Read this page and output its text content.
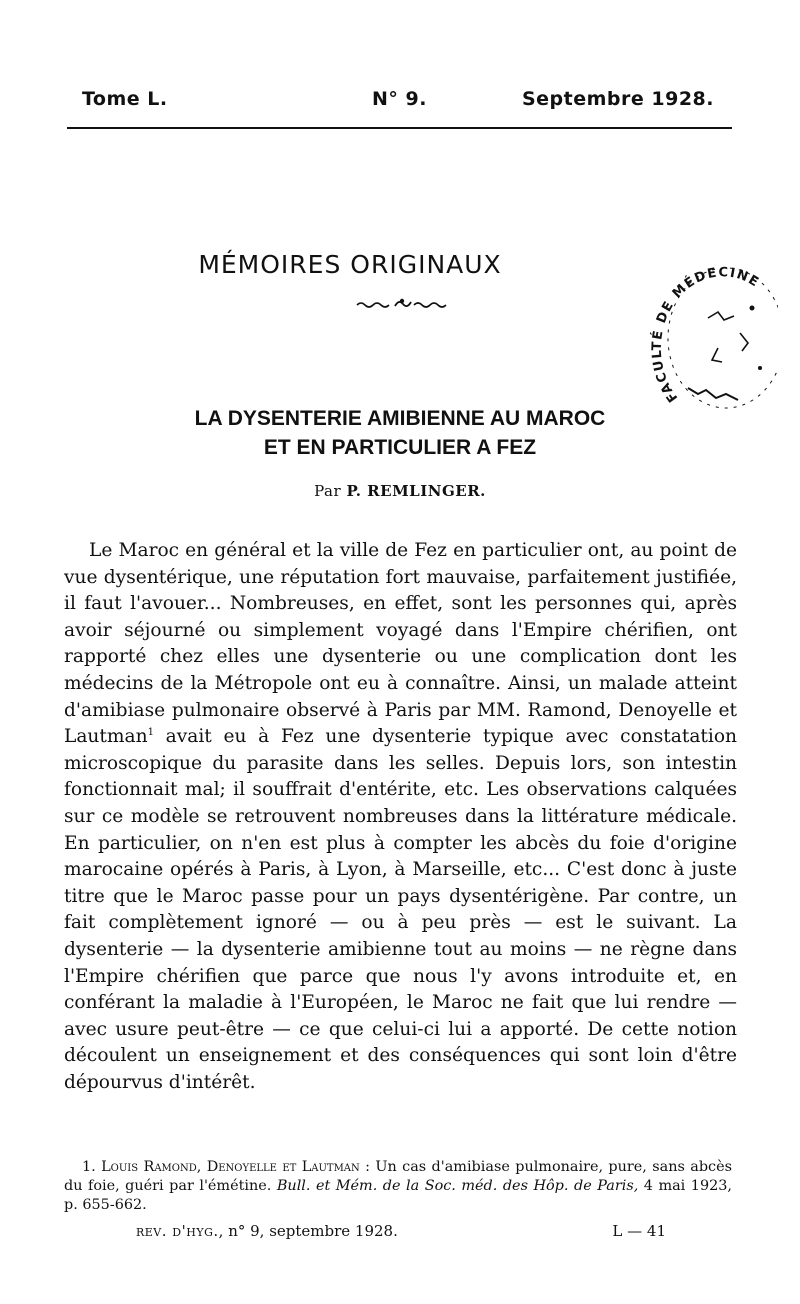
Tome L.	N° 9.	Septembre 1928.
MÉMOIRES ORIGINAUX
FACULTÉ DE MÉDECINE
LA DYSENTERIE AMIBIENNE AU MAROC
ET EN PARTICULIER A FEZ
Par P. REMLINGER.

Le Maroc en général et la ville de Fez en particulier ont, au point de vue dysentérique, une réputation fort mauvaise, parfaitement justifiée, il faut l'avouer... Nombreuses, en effet, sont les personnes qui, après avoir séjourné ou simplement voyagé dans l'Empire chérifien, ont rapporté chez elles une dysenterie ou une complication dont les médecins de la Métropole ont eu à connaître. Ainsi, un malade atteint d'amibiase pulmonaire observé à Paris par MM. Ramond, Denoyelle et Lautman$^1$ avait eu à Fez une dysenterie typique avec constatation microscopique du parasite dans les selles. Depuis lors, son intestin fonctionnait mal; il souffrait d'entérite, etc. Les observations calquées sur ce modèle se retrouvent nombreuses dans la littérature médicale. En particulier, on n'en est plus à compter les abcès du foie d'origine marocaine opérés à Paris, à Lyon, à Marseille, etc... C'est donc à juste titre que le Maroc passe pour un pays dysentérigène. Par contre, un fait complètement ignoré — ou à peu près — est le suivant. La dysenterie — la dysenterie amibienne tout au moins — ne règne dans l'Empire chérifien que parce que nous l'y avons introduite et, en conférant la maladie à l'Européen, le Maroc ne fait que lui rendre — avec usure peut-être — ce que celui-ci lui a apporté. De cette notion découlent un enseignement et des conséquences qui sont loin d'être dépourvus d'intérêt.

1. Louis Ramond, Denoyelle et Lautman : Un cas d'amibiase pulmonaire, pure, sans abcès du foie, guéri par l'émétine. Bull. et Mém. de la Soc. méd. des Hôp. de Paris, 4 mai 1923, p. 655-662.

rev. d'hyg., n° 9, septembre 1928.	L — 41
